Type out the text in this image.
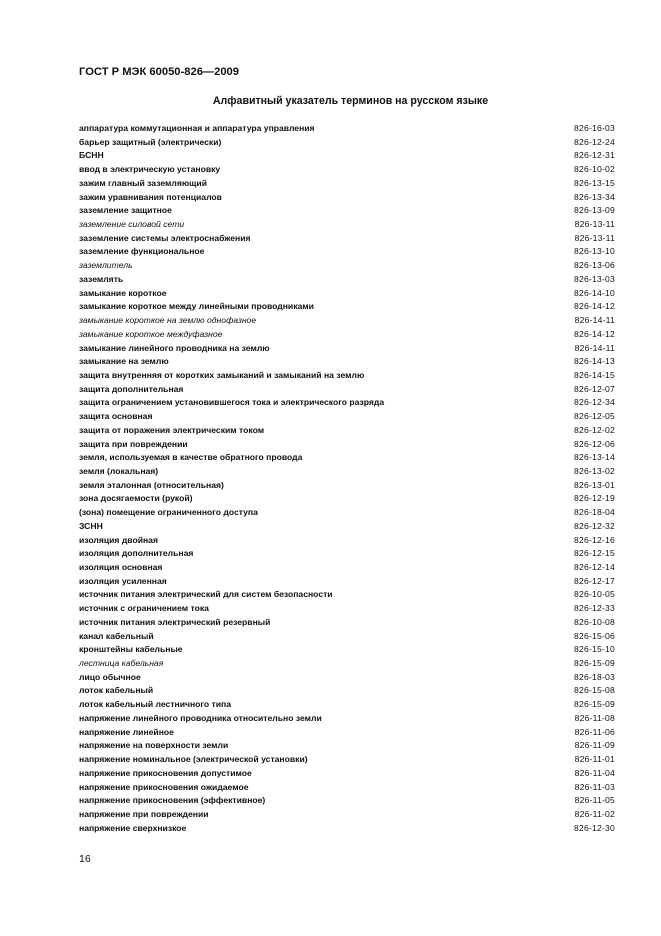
ГОСТ Р МЭК 60050-826—2009
Алфавитный указатель терминов на русском языке
аппаратура коммутационная и аппаратура управления	826-16-03
барьер защитный (электрически)	826-12-24
БСНН	826-12-31
ввод в электрическую установку	826-10-02
зажим главный заземляющий	826-13-15
зажим уравнивания потенциалов	826-13-34
заземление защитное	826-13-09
заземление силовой сети	826-13-11
заземление системы электроснабжения	826-13-11
заземление функциональное	826-13-10
заземлитель	826-13-06
заземлять	826-13-03
замыкание короткое	826-14-10
замыкание короткое между линейными проводниками	826-14-12
замыкание короткое на землю однофазное	826-14-11
замыкание короткое междуфазное	826-14-12
замыкание линейного проводника на землю	826-14-11
замыкание на землю	826-14-13
защита внутренняя от коротких замыканий и замыканий на землю	826-14-15
защита дополнительная	826-12-07
защита ограничением установившегося тока и электрического разряда	826-12-34
защита основная	826-12-05
защита от поражения электрическим током	826-12-02
защита при повреждении	826-12-06
земля, используемая в качестве обратного провода	826-13-14
земля (локальная)	826-13-02
земля эталонная (относительная)	826-13-01
зона досягаемости (рукой)	826-12-19
(зона) помещение ограниченного доступа	826-18-04
ЗСНН	826-12-32
изоляция двойная	826-12-16
изоляция дополнительная	826-12-15
изоляция основная	826-12-14
изоляция усиленная	826-12-17
источник питания электрический для систем безопасности	826-10-05
источник с ограничением тока	826-12-33
источник питания электрический резервный	826-10-08
канал кабельный	826-15-06
кронштейны кабельные	826-15-10
лестница кабельная	826-15-09
лицо обычное	826-18-03
лоток кабельный	826-15-08
лоток кабельный лестничного типа	826-15-09
напряжение линейного проводника относительно земли	826-11-08
напряжение линейное	826-11-06
напряжение на поверхности земли	826-11-09
напряжение номинальное (электрической установки)	826-11-01
напряжение прикосновения допустимое	826-11-04
напряжение прикосновения ожидаемое	826-11-03
напряжение прикосновения (эффективное)	826-11-05
напряжение при повреждении	826-11-02
напряжение сверхнизкое	826-12-30
16
